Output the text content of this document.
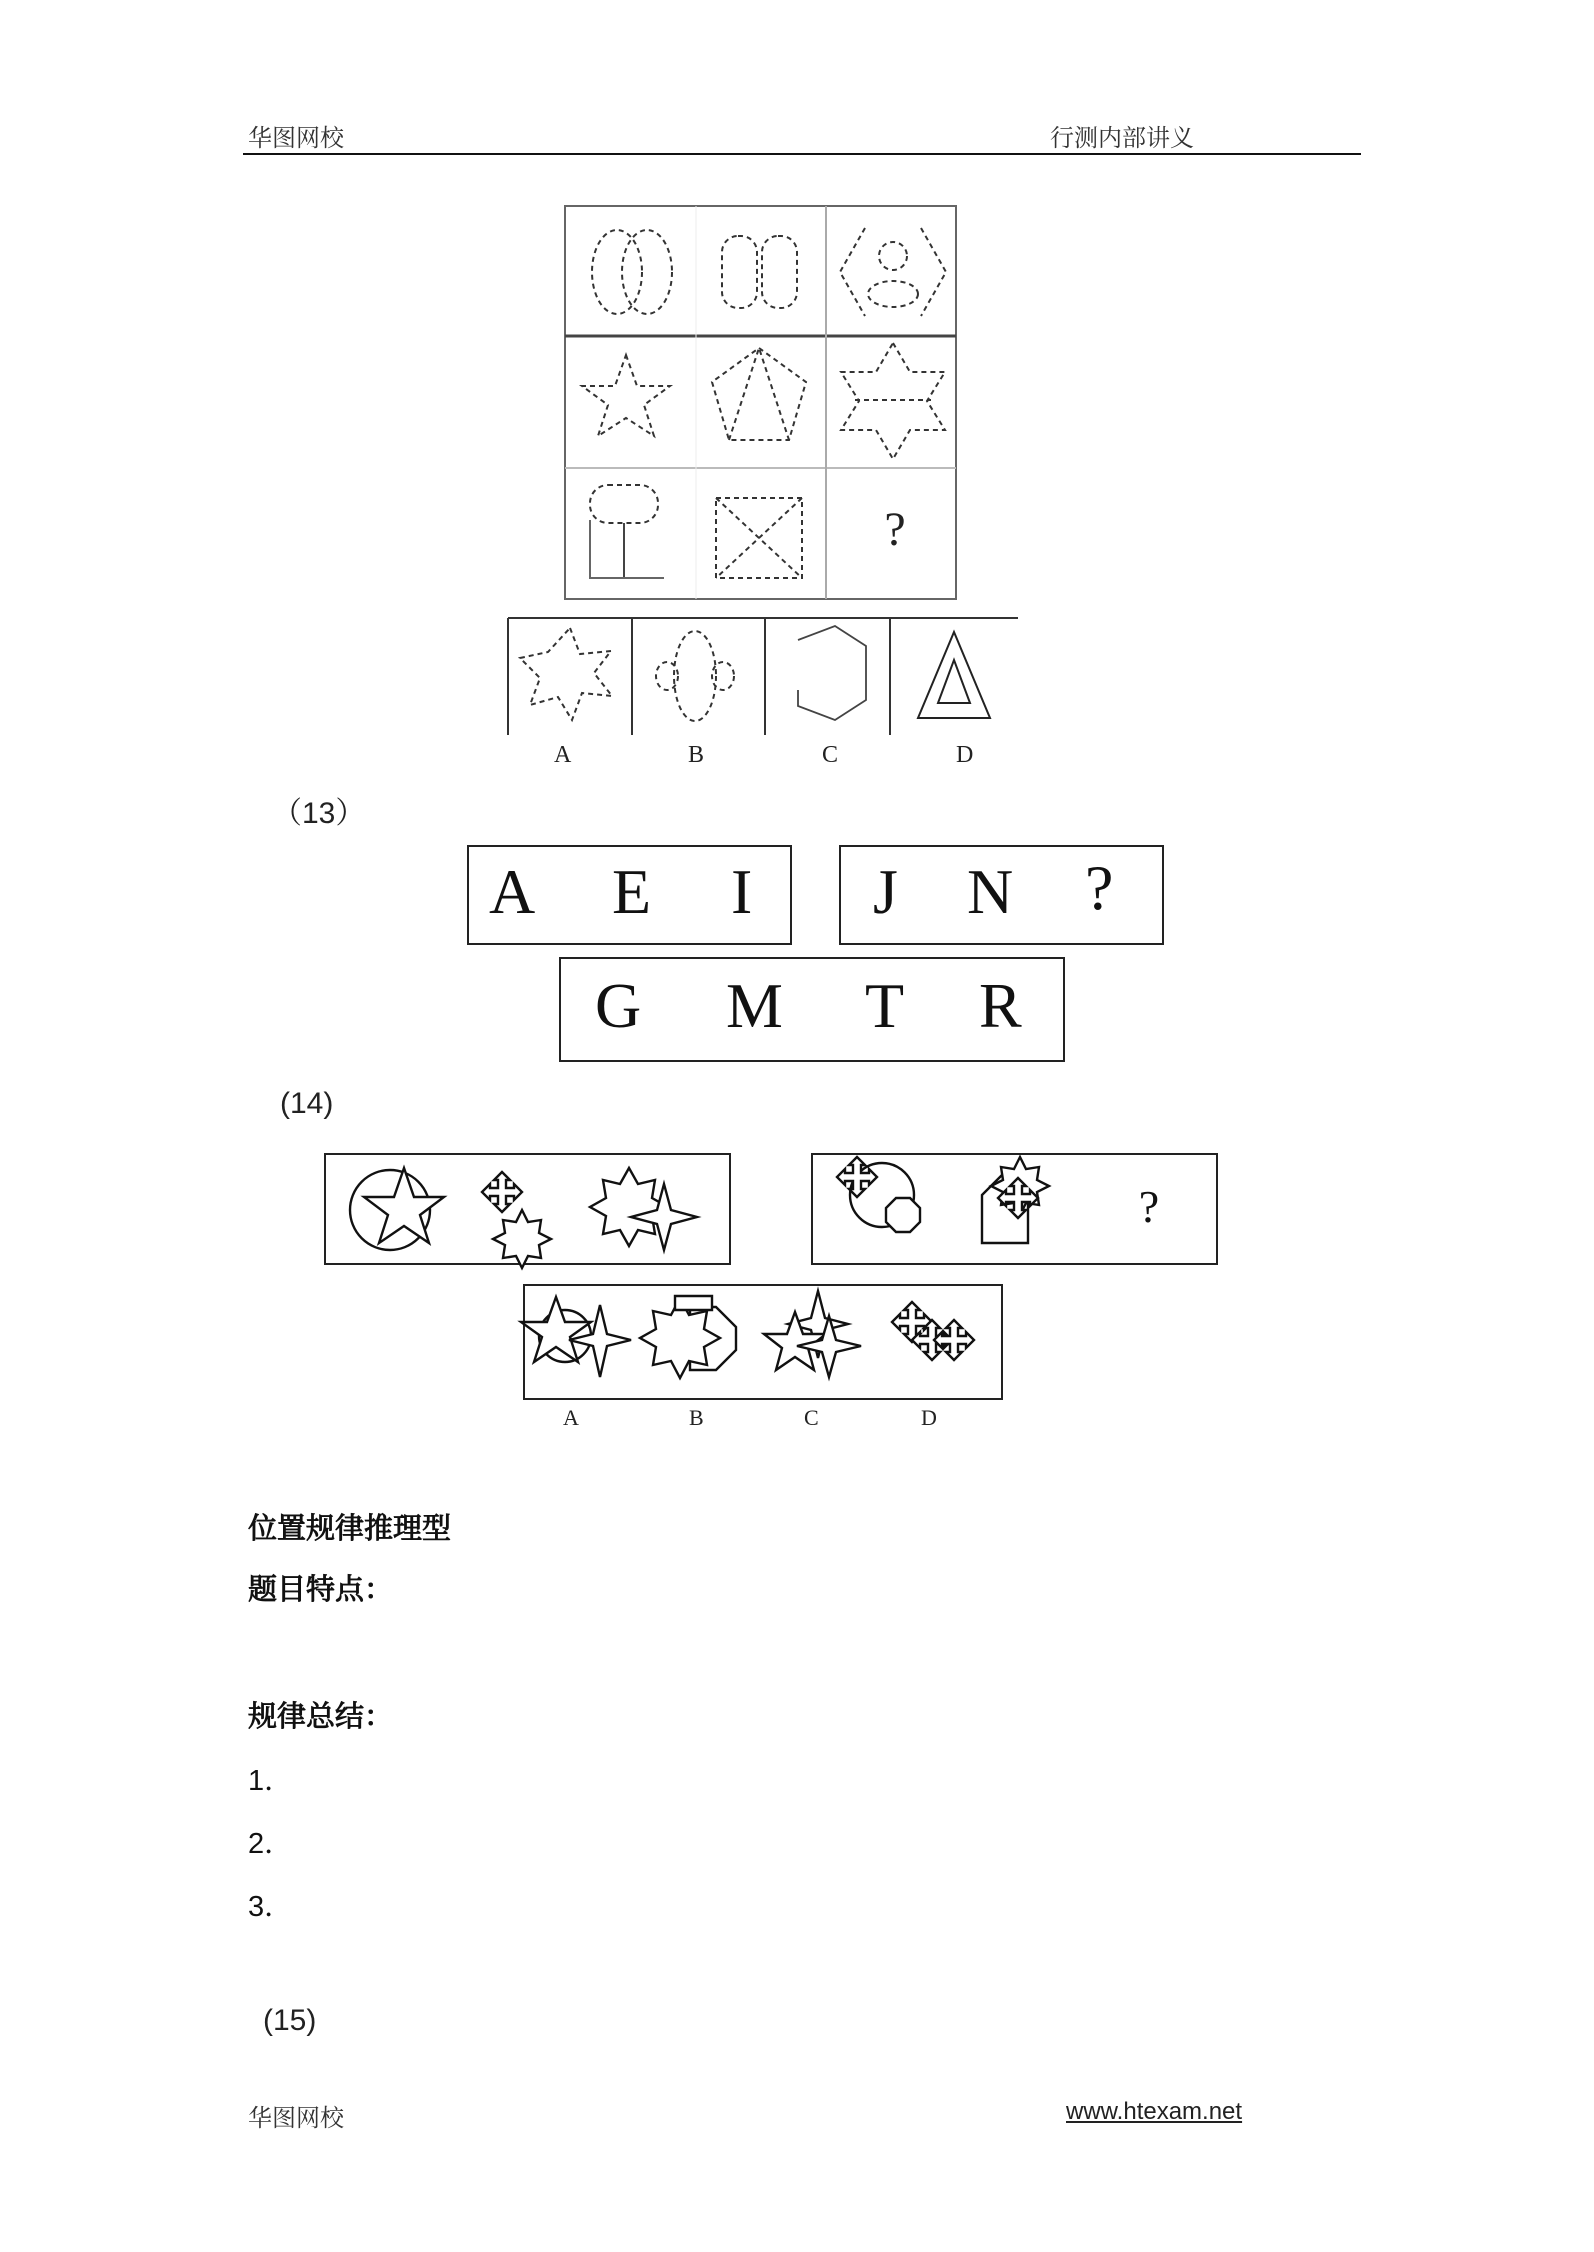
华图网校	行测内部讲义
?
A	B	C	D
（13）
A E I J N ?
G M T R
(14)
?
A	B	C	D
位置规律推理型
题目特点：
规律总结：
1．
2．
3．
(15)
华图网校	www.htexam.net
